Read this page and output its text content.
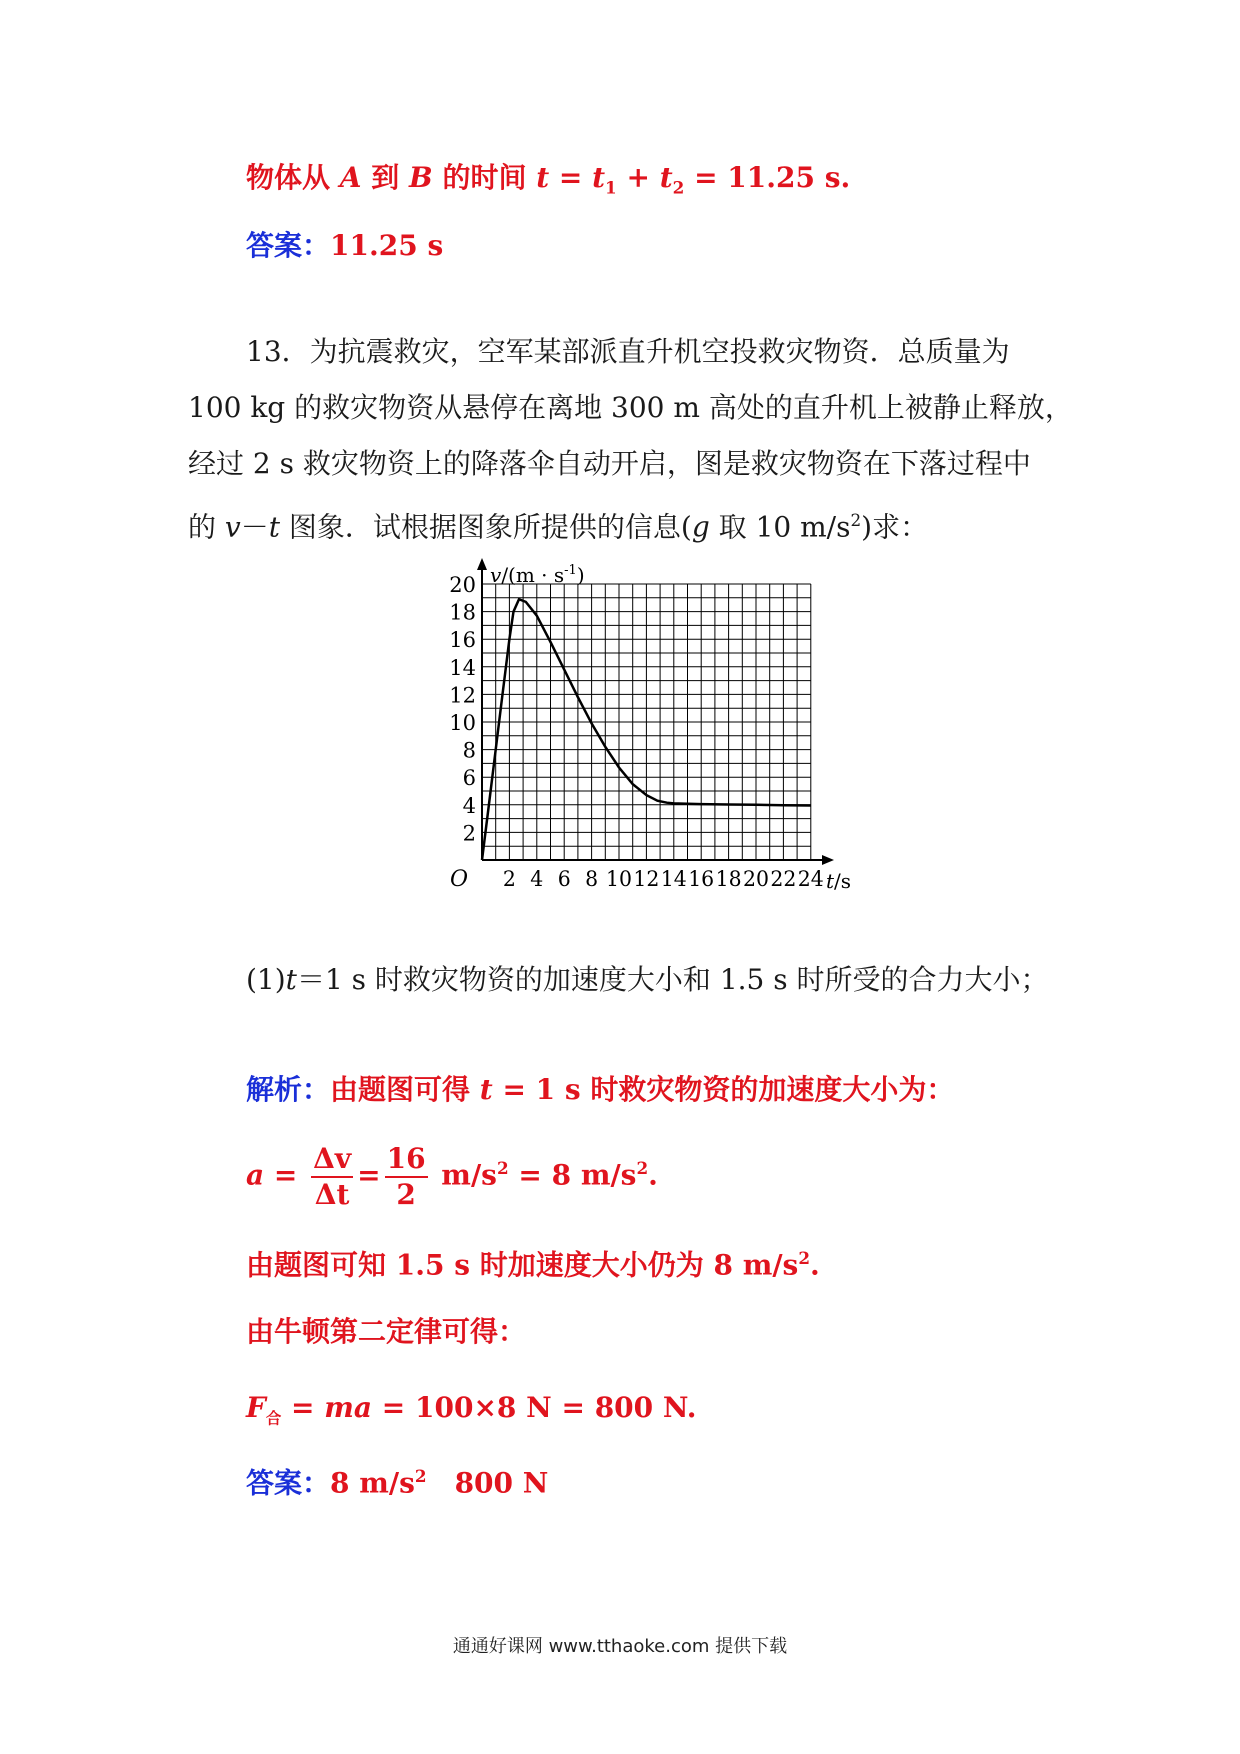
物体从 A 到 B 的时间 $t = t_1 + t_2 = 11.25$ s.
答案：11.25 s
13．为抗震救灾，空军某部派直升机空投救灾物资．总质量为
100 kg 的救灾物资从悬停在离地 300 m 高处的直升机上被静止释放，
经过 2 s 救灾物资上的降落伞自动开启，图是救灾物资在下落过程中
的 v－t 图象．试根据图象所提供的信息(g 取 10 $m/s^2$)求：
2
4
6
8
10
12
14
16
18
20
2 4 6 8 10 12 14 16 18 20 22 24
O
$v/(m \cdot s^{-1})$
t/s
(1)t＝1 s 时救灾物资的加速度大小和 1.5 s 时所受的合力大小；
解析：由题图可得 t = 1 s 时救灾物资的加速度大小为：
$a = \frac{\Delta v}{\Delta t} = \frac{16}{2} m/s^2 = 8$ $m/s^2$.
由题图可知 1.5 s 时加速度大小仍为 8 $m/s^2$.
由牛顿第二定律可得：
$F_合$ = ma = 100×8 N = 800 N.
答案：8 $m/s^2$　800 N
通通好课网 www.tthaoke.com 提供下载
